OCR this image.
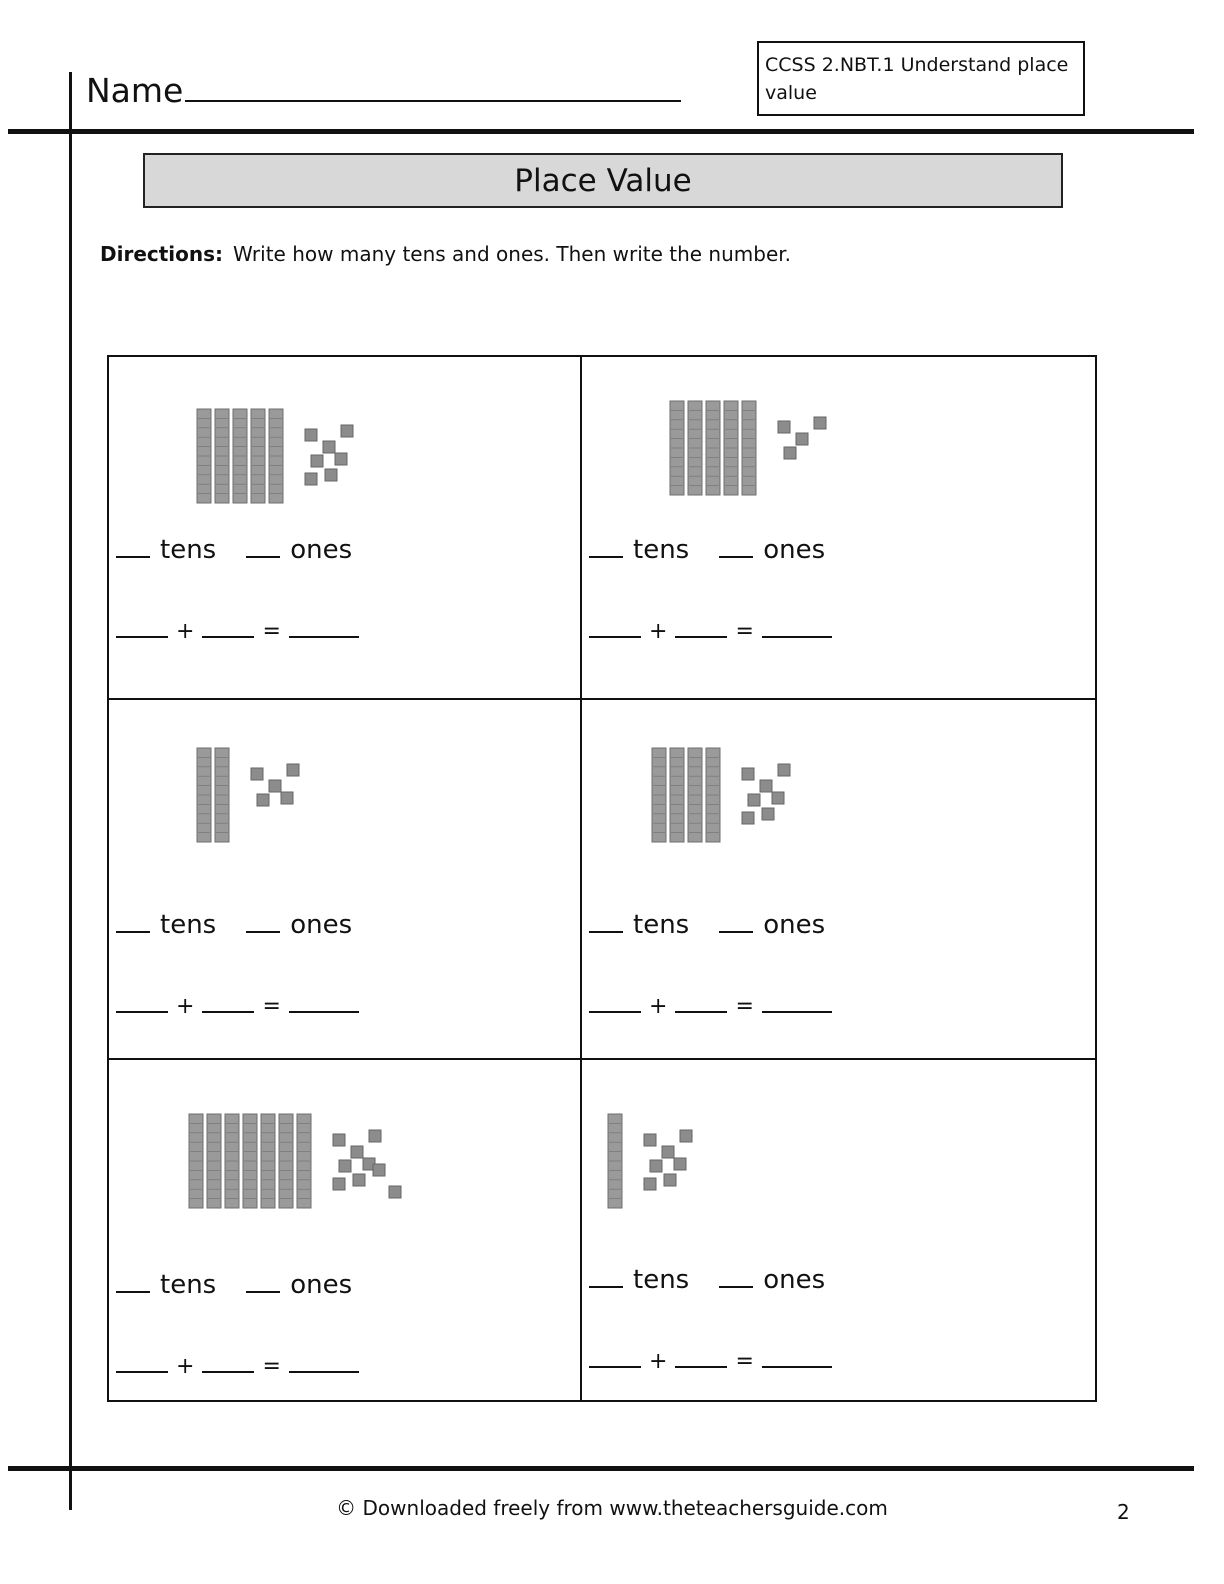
Name
CCSS 2.NBT.1 Understand place value
Place Value
Directions: Write how many tens and ones. Then write the number.
tens	ones
+	=
tens	ones
+	=
tens	ones
+	=
tens	ones
+	=
tens	ones
+	=
tens	ones
+	=
© Downloaded freely from www.theteachersguide.com	2
